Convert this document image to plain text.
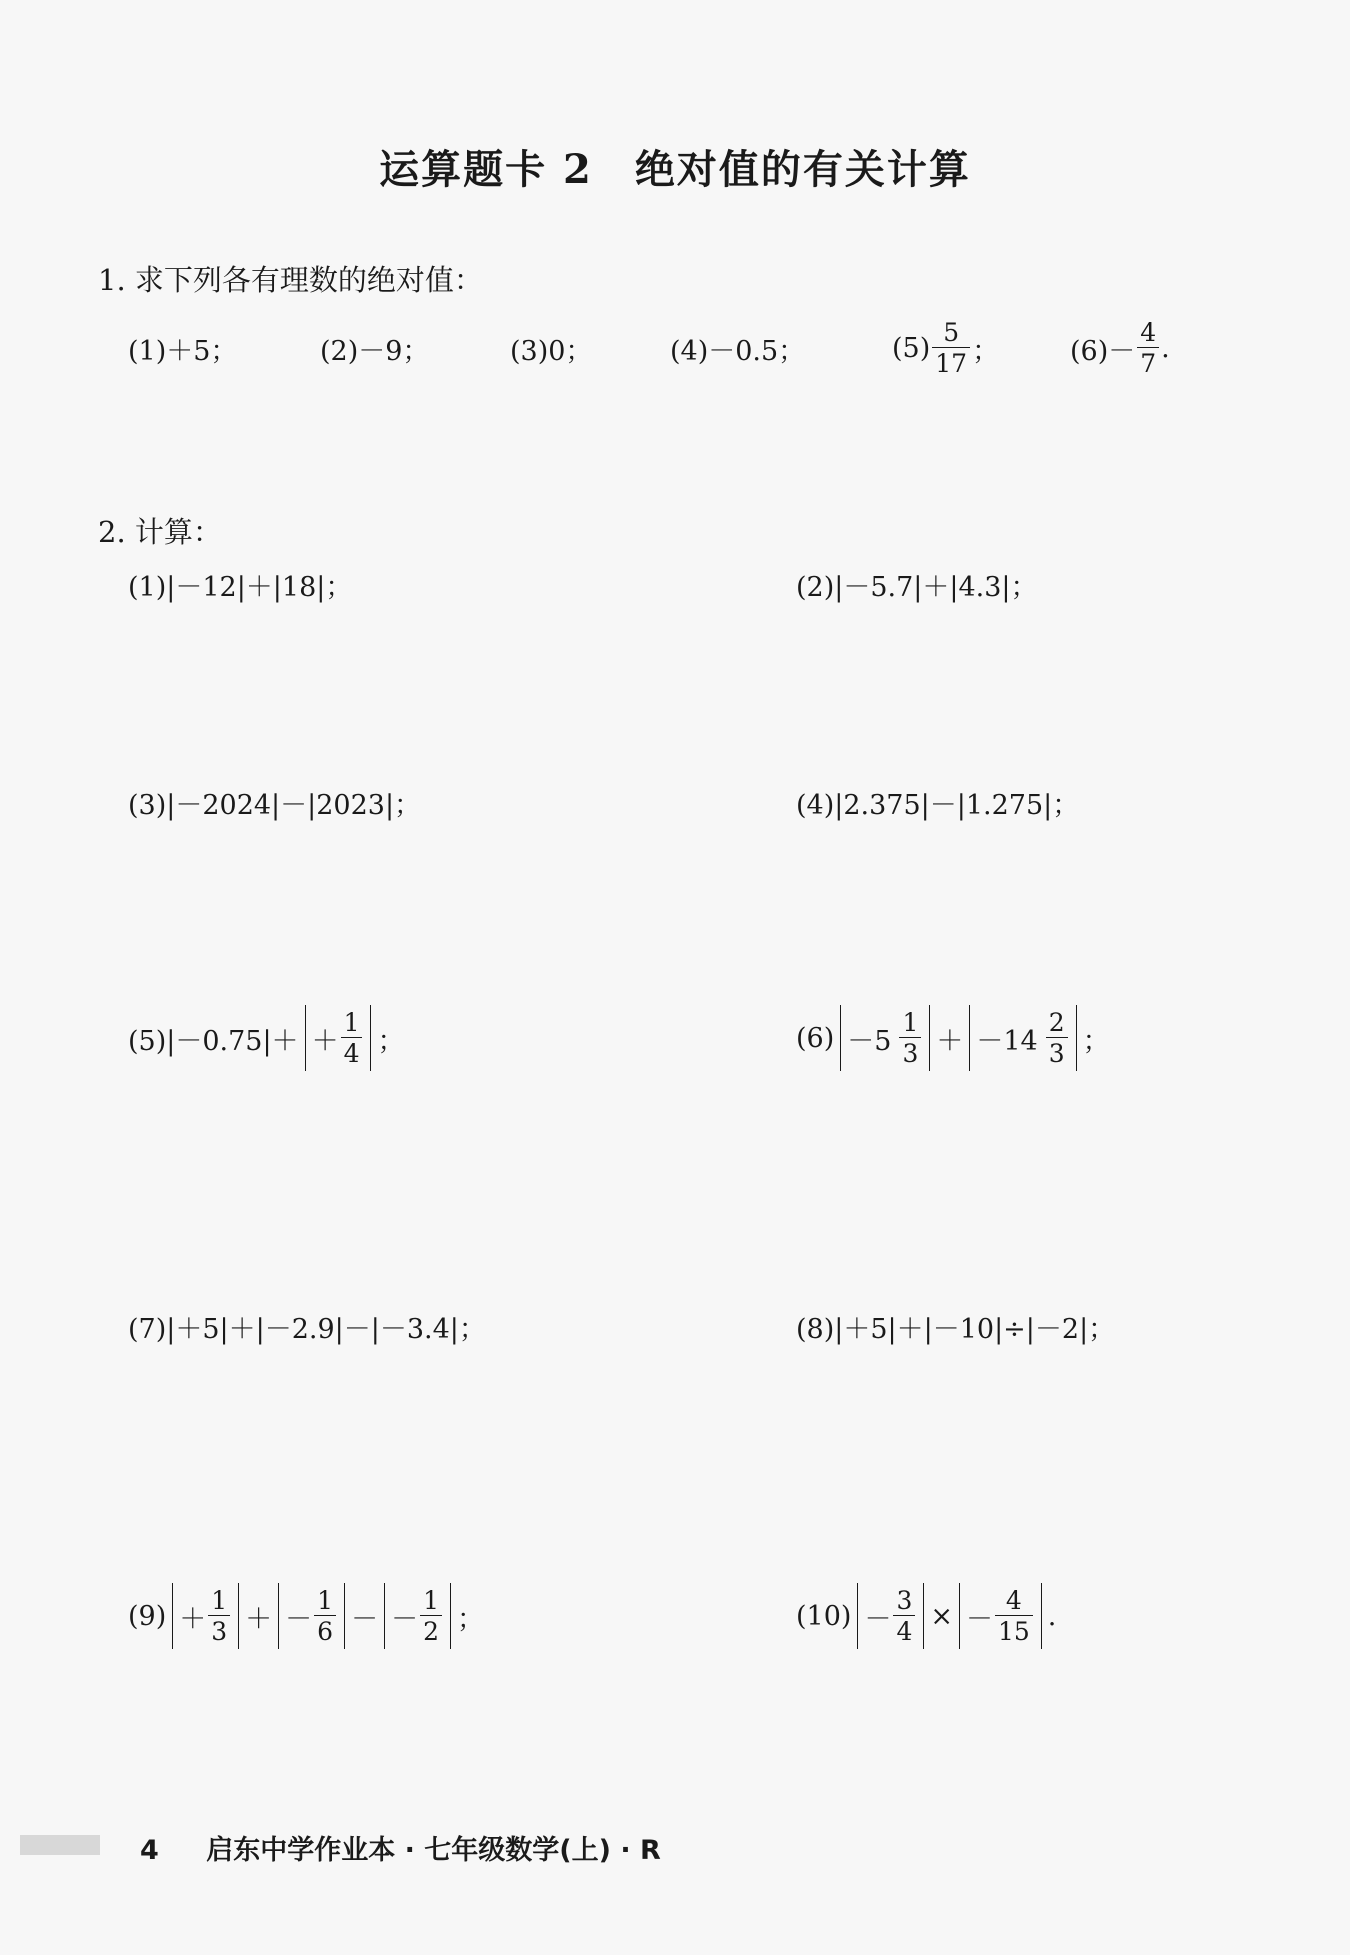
运算题卡 2　绝对值的有关计算
1. 求下列各有理数的绝对值：
(1)＋5；	(2)－9；	(3)0；	(4)－0.5；	$(5) \frac{5}{17}$ ；	$(6)- \frac{4}{7}$ .
2. 计算：
(1)|－12|＋|18|；	(2)|－5.7|＋|4.3|；
(3)|－2024|－|2023|；	(4)|2.375|－|1.275|；
$(5)|-0.75|+ + \frac{1}{4}$ ；	$(6) -5 \frac{1}{3} + -14 \frac{2}{3}$ ；
(7)|＋5|＋|－2.9|－|－3.4|；	(8)|＋5|＋|－10|÷|－2|；
$(9) + \frac{1}{3}$ ＋ － $\frac{1}{6}$ － － $\frac{1}{2}$ ；	$(10) - \frac{3}{4}$ × － $\frac{4}{15}$ .
4 启东中学作业本 · 七年级数学(上) · R
